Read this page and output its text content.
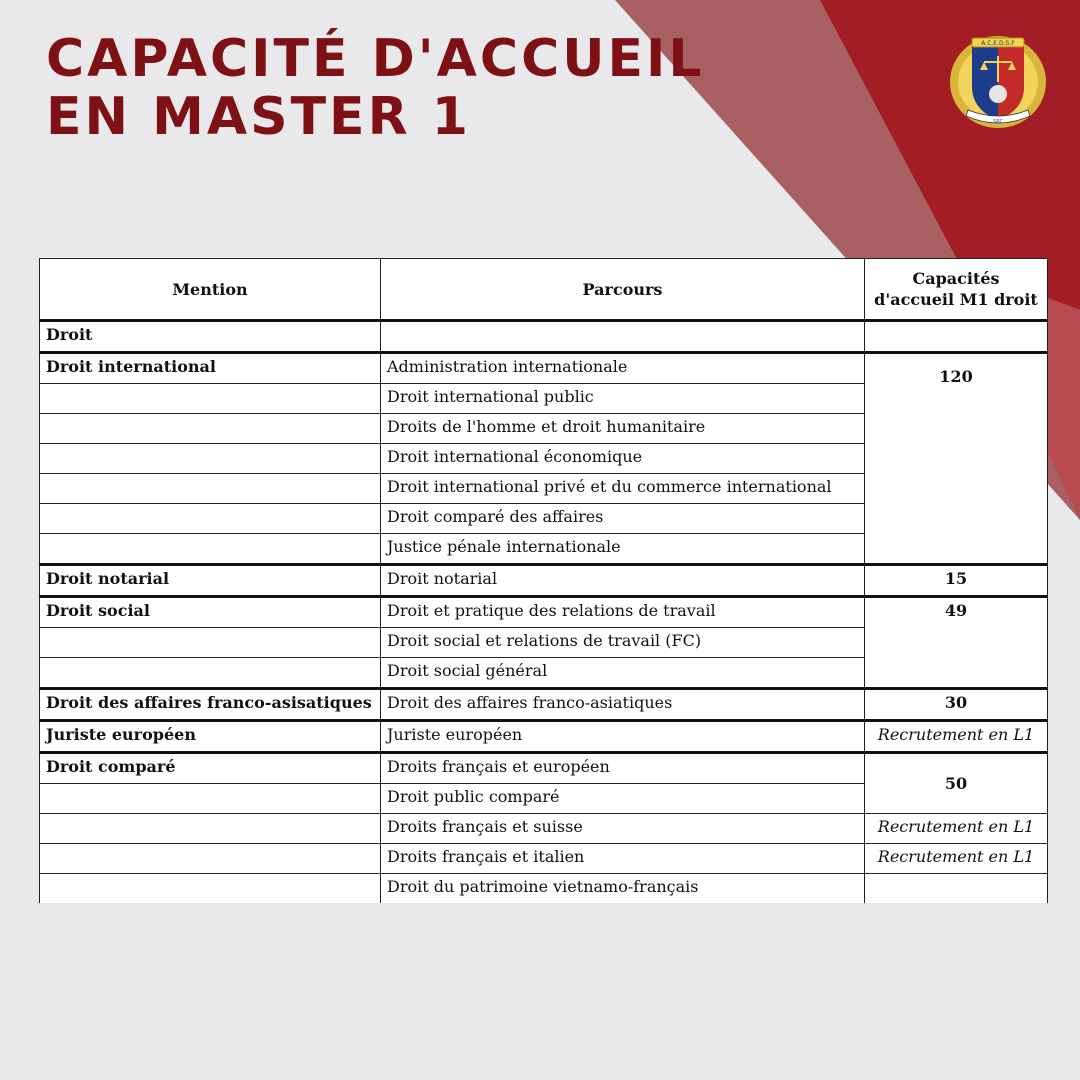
CAPACITÉ D'ACCUEIL
EN MASTER 1
A.C.E.D.S.F
SRC
Mention	Parcours	Capacités d'accueil M1 droit
Droit		
Droit international	Administration internationale	120
	Droit international public	
	Droits de l'homme et droit humanitaire	
	Droit international économique	
	Droit international privé et du commerce international	
	Droit comparé des affaires	
	Justice pénale internationale	
Droit notarial	Droit notarial	15
Droit social	Droit et pratique des relations de travail	49
	Droit social et relations de travail (FC)	
	Droit social général	
Droit des affaires franco-asisatiques	Droit des affaires franco-asiatiques	30
Juriste européen	Juriste européen	Recrutement en L1
Droit comparé	Droits français et européen	50
	Droit public comparé	
	Droits français et suisse	Recrutement en L1
	Droits français et italien	Recrutement en L1
	Droit du patrimoine vietnamo-français	
